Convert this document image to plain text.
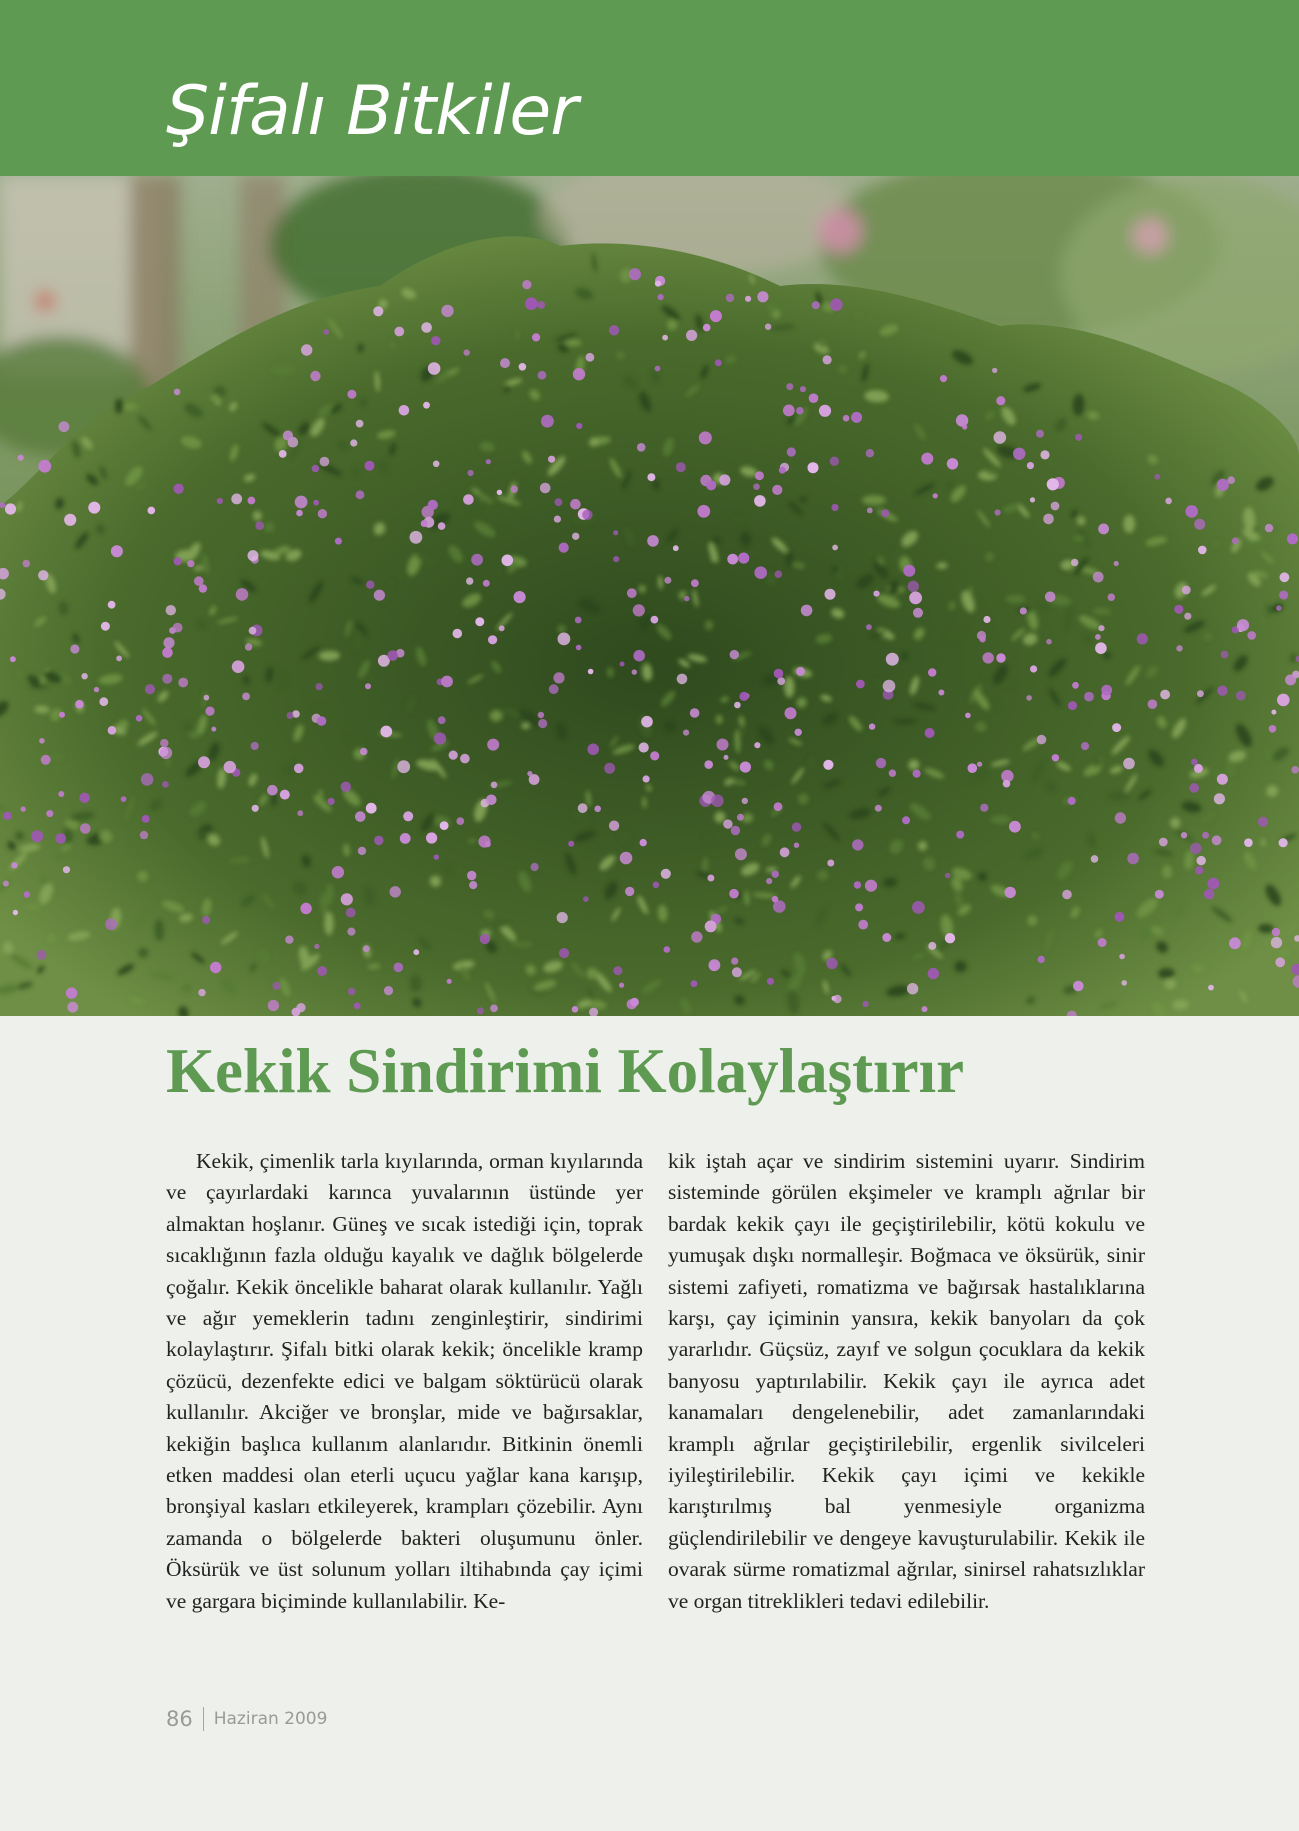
Şifalı Bitkiler
Kekik Sindirimi Kolaylaştırır

Kekik, çimenlik tarla kıyılarında, orman kıyılarında ve çayırlardaki karınca yuvalarının üstünde yer almaktan hoşlanır. Güneş ve sıcak istediği için, toprak sıcaklığının fazla olduğu kayalık ve dağlık bölgelerde çoğalır. Kekik öncelikle baharat olarak kullanılır. Yağlı ve ağır yemeklerin tadını zenginleştirir, sindirimi kolaylaştırır. Şifalı bitki olarak kekik; öncelikle kramp çözücü, dezenfekte edici ve balgam söktürücü olarak kullanılır. Akciğer ve bronşlar, mide ve bağırsaklar, kekiğin başlıca kullanım alanlarıdır. Bitkinin önemli etken maddesi olan eterli uçucu yağlar kana karışıp, bronşiyal kasları etkileyerek, krampları çözebilir. Aynı zamanda o bölgelerde bakteri oluşumunu önler. Öksürük ve üst solunum yolları iltihabında çay içimi ve gargara biçiminde kullanılabilir. Ke-

kik iştah açar ve sindirim sistemini uyarır. Sindirim sisteminde görülen ekşimeler ve kramplı ağrılar bir bardak kekik çayı ile geçiştirilebilir, kötü kokulu ve yumuşak dışkı normalleşir. Boğmaca ve öksürük, sinir sistemi zafiyeti, romatizma ve bağırsak hastalıklarına karşı, çay içiminin yansıra, kekik banyoları da çok yararlıdır. Güçsüz, zayıf ve solgun çocuklara da kekik banyosu yaptırılabilir. Kekik çayı ile ayrıca adet kanamaları dengelenebilir, adet zamanlarındaki kramplı ağrılar geçiştirilebilir, ergenlik sivilceleri iyileştirilebilir. Kekik çayı içimi ve kekikle karıştırılmış bal yenmesiyle organizma güçlendirilebilir ve dengeye kavuşturulabilir. Kekik ile ovarak sürme romatizmal ağrılar, sinirsel rahatsızlıklar ve organ titreklikleri tedavi edilebilir.

86 Haziran 2009
